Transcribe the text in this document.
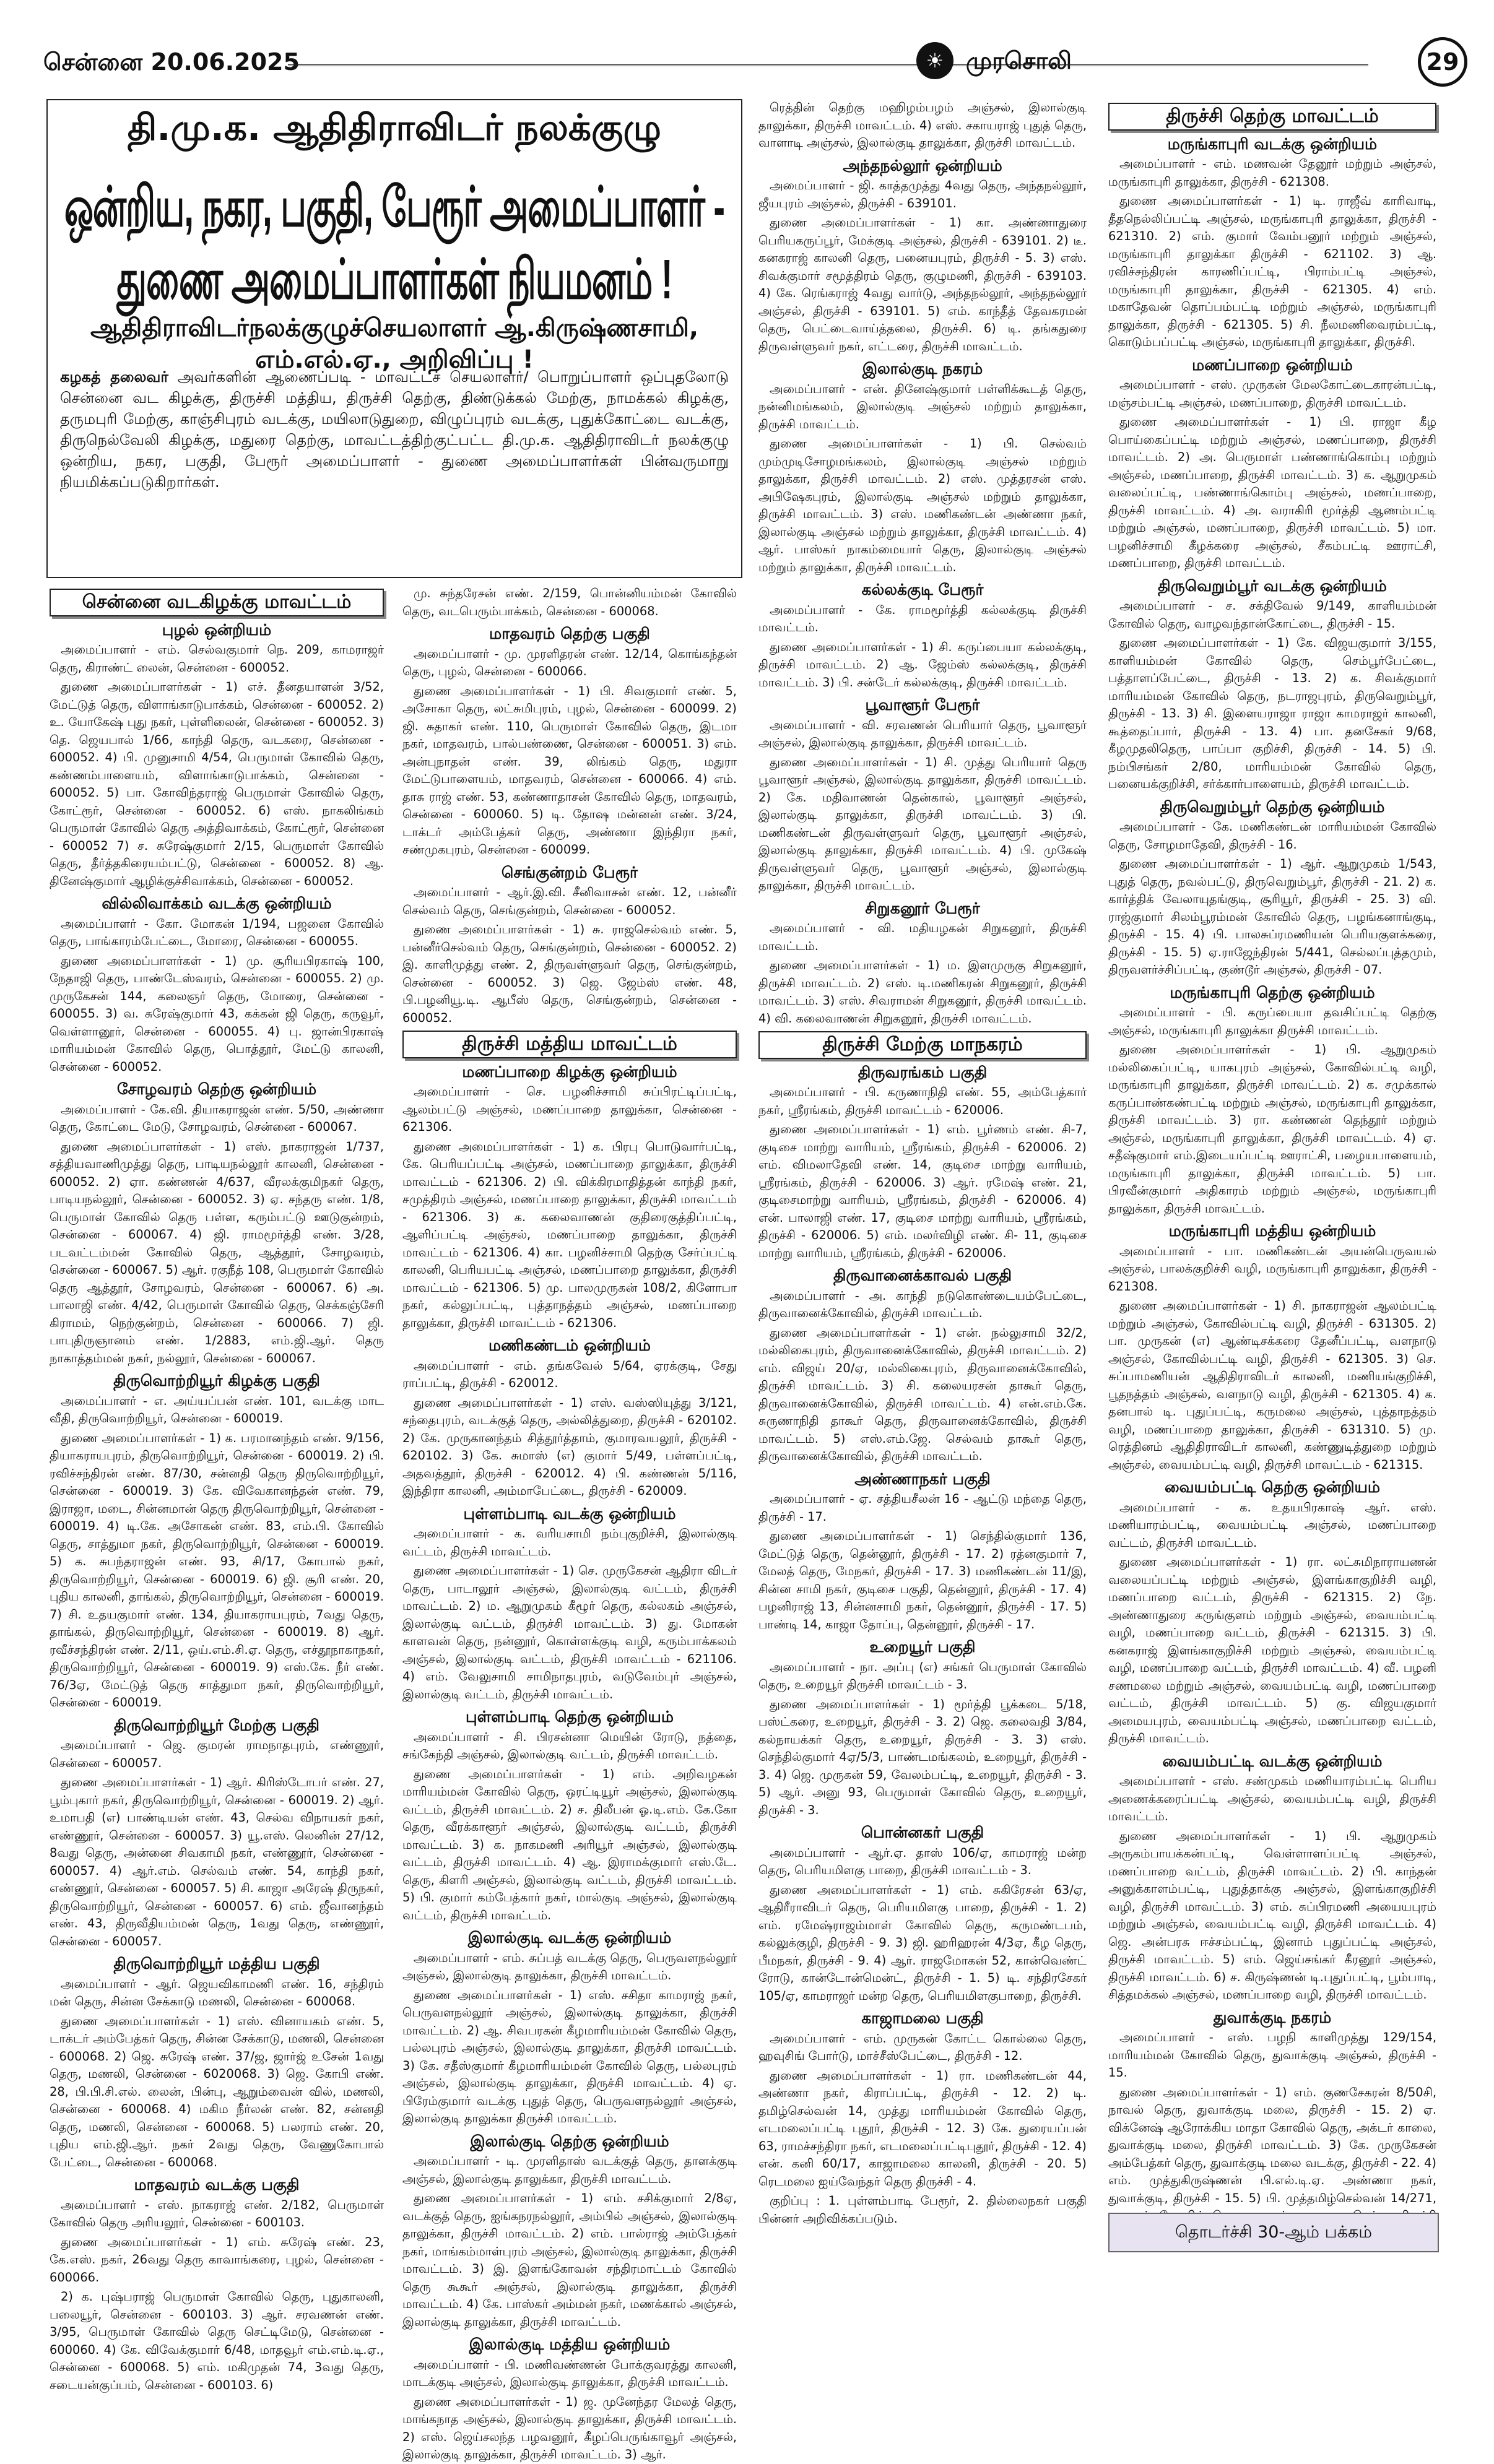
சென்னை 20.06.2025	☀ முரசொலி	29
தி.மு.க. ஆதிதிராவிடர் நலக்குழு
ஒன்றிய, நகர, பகுதி, பேரூர் அமைப்பாளர் - துணை அமைப்பாளர்கள் நியமனம் !
ஆதிதிராவிடர்நலக்குழுச்செயலாளர் ஆ.கிருஷ்ணசாமி, எம்.எல்.ஏ., அறிவிப்பு !
கழகத் தலைவர் அவர்களின் ஆணைப்படி - மாவட்டச் செயலாளர்/ பொறுப்பாளர் ஒப்புதலோடு சென்னை வட கிழக்கு, திருச்சி மத்திய, திருச்சி தெற்கு, திண்டுக்கல் மேற்கு, நாமக்கல் கிழக்கு, தருமபுரி மேற்கு, காஞ்சிபுரம் வடக்கு, மயிலாடுதுறை, விழுப்புரம் வடக்கு, புதுக்கோட்டை வடக்கு, திருநெல்வேலி கிழக்கு, மதுரை தெற்கு, மாவட்டத்திற்குட்பட்ட தி.மு.க. ஆதிதிராவிடர் நலக்குழு ஒன்றிய, நகர, பகுதி, பேரூர் அமைப்பாளர் - துணை அமைப்பாளர்கள் பின்வருமாறு நியமிக்கப்படுகிறார்கள்.
சென்னை வடகிழக்கு மாவட்டம்
புழல் ஒன்றியம்

அமைப்பாளர் - எம். செல்வகுமார் நெ. 209, காமராஜர் தெரு, கிராண்ட் லைன், சென்னை - 600052.

துணை அமைப்பாளர்கள் - 1) எச். தீனதயாளன் 3/52, மேட்டுத் தெரு, விளாங்காடுபாக்கம், சென்னை - 600052. 2) உ. யோகேஷ் புது நகர், புள்ளிலைன், சென்னை - 600052. 3) தெ. ஜெயபால் 1/66, காந்தி தெரு, வடகரை, சென்னை - 600052. 4) பி. முனுசாமி 4/54, பெருமாள் கோவில் தெரு, கண்ணம்பாளையம், விளாங்காடுபாக்கம், சென்னை - 600052. 5) பா. கோவிந்தராஜ் பெருமாள் கோவில் தெரு, கோட்ரூர், சென்னை - 600052. 6) எஸ். நாகலிங்கம் பெருமாள் கோவில் தெரு அத்திவாக்கம், கோட்ரூர், சென்னை - 600052 7) ச. சுரேஷ்குமார் 2/15, பெருமாள் கோவில் தெரு, தீர்த்தகிரையம்பட்டு, சென்னை - 600052. 8) ஆ. தினேஷ்குமார் ஆழிக்குச்சிவாக்கம், சென்னை - 600052.

வில்லிவாக்கம் வடக்கு ஒன்றியம்

அமைப்பாளர் - கோ. மோகன் 1/194, பஜனை கோவில் தெரு, பாங்காரம்பேட்டை, மோரை, சென்னை - 600055.

துணை அமைப்பாளர்கள் - 1) மு. சூரியபிரகாஷ் 100, நேதாஜி தெரு, பாண்டேஸ்வரம், சென்னை - 600055. 2) மு. முருகேசன் 144, கலைஞர் தெரு, மோரை, சென்னை - 600055. 3) வ. சுரேஷ்குமார் 43, கக்கன் ஜி தெரு, கருவூர், வெள்ளானூர், சென்னை - 600055. 4) பு. ஜான்பிரகாஷ் மாரியம்மன் கோவில் தெரு, பொத்தூர், மேட்டு காலனி, சென்னை - 600052.

சோழவரம் தெற்கு ஒன்றியம்

அமைப்பாளர் - கே.வி. தியாகராஜன் எண். 5/50, அண்ணா தெரு, கோட்டை மேடு, சோழவரம், சென்னை - 600067.

துணை அமைப்பாளர்கள் - 1) எஸ். நாகராஜன் 1/737, சத்தியவாணிமுத்து தெரு, பாடியநல்லூர் காலனி, சென்னை - 600052. 2) ஏா. கண்ணன் 4/637, வீரலக்குமிநகர் தெரு, பாடியநல்லூர், சென்னை - 600052. 3) ஏ. சந்தரு எண். 1/8, பெருமாள் கோவில் தெரு பள்ள, கரும்பட்டு ஊடுகுன்றம், சென்னை - 600067. 4) ஜி. ராமமூர்த்தி எண். 3/28, படவட்டம்மன் கோவில் தெரு, ஆத்தூர், சோழவரம், சென்னை - 600067. 5) ஆர். ரகுநீத் 108, பெருமாள் கோவில் தெரு ஆத்தூர், சோழவரம், சென்னை - 600067. 6) அ. பாலாஜி எண். 4/42, பெருமாள் கோவில் தெரு, செக்கஞ்சேரி கிராமம், நெற்குன்றம், சென்னை - 600066. 7) ஜி. பாபுதிருஞானம் எண். 1/2883, எம்.ஜி.ஆர். தெரு நாகாத்தம்மன் நகர், நல்லூர், சென்னை - 600067.

திருவொற்றியூர் கிழக்கு பகுதி

அமைப்பாளர் - எ. அய்யப்பன் எண். 101, வடக்கு மாட வீதி, திருவொற்றியூர், சென்னை - 600019.

துணை அமைப்பாளர்கள் - 1) க. பரமானந்தம் எண். 9/156, தியாகராயபுரம், திருவொற்றியூர், சென்னை - 600019. 2) பி. ரவிச்சந்திரன் எண். 87/30, சன்னதி தெரு திருவொற்றியூர், சென்னை - 600019. 3) கே. விவேகானந்தன் எண். 79, இராஜா, மடை, சின்னமான் தெரு திருவொற்றியூர், சென்னை - 600019. 4) டி.கே. அசோகன் எண். 83, எம்.பி. கோவில் தெரு, சாத்துமா நகர், திருவொற்றியூர், சென்னை - 600019. 5) க. சுபந்தராஜன் எண். 93, சி/17, கோபால் நகர், திருவொற்றியூர், சென்னை - 600019. 6) ஜி. சூரி எண். 20, புதிய காலனி, தாங்கல், திருவொற்றியூர், சென்னை - 600019. 7) சி. உதயகுமார் எண். 134, தியாகராயபுரம், 7வது தெரு, தாங்கல், திருவொற்றியூர், சென்னை - 600019. 8) ஆர். ரவீச்சந்திரன் எண். 2/11, ஒய்.எம்.சி.ஏ. தெரு, எச்தூநாகாநகர், திருவொற்றியூர், சென்னை - 600019. 9) எஸ்.கே. நீர் எண். 76/3ஏ, மேட்டுத் தெரு சாத்துமா நகர், திருவொற்றியூர், சென்னை - 600019.

திருவொற்றியூர் மேற்கு பகுதி

அமைப்பாளர் - ஜெ. குமரன் ராமநாதபுரம், எண்ணூர், சென்னை - 600057.

துணை அமைப்பாளர்கள் - 1) ஆர். கிரிஸ்டோபர் எண். 27, பூம்புகார் நகர், திருவொற்றியூர், சென்னை - 600019. 2) ஆர். உமாபதி (எ) பாண்டியன் எண். 43, செல்வ விநாயகர் நகர், எண்ணூர், சென்னை - 600057. 3) யூ.எஸ். லெனின் 27/12, 8வது தெரு, அன்னை சிவகாமி நகர், எண்ணூர், சென்னை - 600057. 4) ஆர்.எம். செல்வம் எண். 54, காந்தி நகர், எண்ணூர், சென்னை - 600057. 5) சி. காஜா அரேஷ் திருநகர், திருவொற்றியூர், சென்னை - 600057. 6) எம். ஜீவானந்தம் எண். 43, திருவீதியம்மன் தெரு, 1வது தெரு, எண்ணூர், சென்னை - 600057.

திருவொற்றியூர் மத்திய பகுதி

அமைப்பாளர் - ஆர். ஜெயவிகாமணி எண். 16, சந்திரம் மன் தெரு, சின்ன சேக்காடு மணலி, சென்னை - 600068.

துணை அமைப்பாளர்கள் - 1) எஸ். வினாயகம் எண். 5, டாக்டர் அம்பேத்கர் தெரு, சின்ன சேக்காடு, மணலி, சென்னை - 600068. 2) ஜெ. சுரேஷ் எண். 37/ஜ, ஜார்ஜ் உசேன் 1வது தெரு, மணலி, சென்னை - 6020068. 3) ஜெ. கோபி எண். 28, பி.பி.சி.எல். லைன், பின்பு, ஆறும்வைன் வில், மணலி, சென்னை - 600068. 4) மகிம நீர்லன் எண். 82, சன்னதி தெரு, மணலி, சென்னை - 600068. 5) பலராம் எண். 20, புதிய எம்.ஜி.ஆர். நகர் 2வது தெரு, வேணுகோபால் பேட்டை, சென்னை - 600068.

மாதவரம் வடக்கு பகுதி

அமைப்பாளர் - எஸ். நாகராஜ் எண். 2/182, பெருமாள் கோவில் தெரு அரியலூர், சென்னை - 600103.

துணை அமைப்பாளர்கள் - 1) எம். சுரேஷ் எண். 23, கே.எஸ். நகர், 26வது தெரு காவாங்கரை, புழல், சென்னை - 600066.

2) க. புஷ்பராஜ் பெருமாள் கோவில் தெரு, புதுகாலனி, பலையூர், சென்னை - 600103. 3) ஆர். சரவணன் எண். 3/95, பெருமாள் கோவில் தெரு செட்டிமேடு, சென்னை - 600060. 4) கே. விவேக்குமார் 6/48, மாதவூர் எம்.எம்.டி.ஏ., சென்னை - 600068. 5) எம். மகிமுதன் 74, 3வது தெரு, சடையன்குப்பம், சென்னை - 600103. 6)

மு. சுந்தரேசன் எண். 2/159, பொன்னியம்மன் கோவில் தெரு, வடபெரும்பாக்கம், சென்னை - 600068.

மாதவரம் தெற்கு பகுதி

அமைப்பாளர் - மு. முரளிதரன் எண். 12/14, கொங்கந்தன் தெரு, புழல், சென்னை - 600066.

துணை அமைப்பாளர்கள் - 1) பி. சிவகுமார் எண். 5, அசோகா தெரு, லட்சுமிபுரம், புழல், சென்னை - 600099. 2) ஜி. சுதாகர் எண். 110, பெருமாள் கோவில் தெரு, இடமா நகர், மாதவரம், பால்பண்ணை, சென்னை - 600051. 3) எம். அன்புநாதன் எண். 39, லிங்கம் தெரு, மதுரா மேட்டுபாளையம், மாதவரம், சென்னை - 600066. 4) எம். தாசு ராஜ் எண். 53, கண்ணாதாசன் கோவில் தெரு, மாதவரம், சென்னை - 600060. 5) டி. தோஷ மன்னன் எண். 3/24, டாக்டர் அம்பேத்கர் தெரு, அண்ணா இந்திரா நகர், சண்முகபுரம், சென்னை - 600099.

செங்குன்றம் பேரூர்

அமைப்பாளர் - ஆர்.இ.வி. சீனிவாசன் எண். 12, பன்னீர் செல்வம் தெரு, செங்குன்றம், சென்னை - 600052.

துணை அமைப்பாளர்கள் - 1) சு. ராஜசெல்வம் எண். 5, பன்னீர்செல்வம் தெரு, செங்குன்றம், சென்னை - 600052. 2) இ. காளிமுத்து எண். 2, திருவள்ளுவர் தெரு, செங்குன்றம், சென்னை - 600052. 3) ஜெ. ஜேம்ஸ் எண். 48, பி.பழனியூ.டி. ஆபீஸ் தெரு, செங்குன்றம், சென்னை - 600052.

திருச்சி மத்திய மாவட்டம்
மணப்பாறை கிழக்கு ஒன்றியம்

அமைப்பாளர் - செ. பழனிச்சாமி சுப்பிரட்டிப்பட்டி, ஆலம்பட்டு அஞ்சல், மணப்பாறை தாலுக்கா, சென்னை - 621306.

துணை அமைப்பாளர்கள் - 1) க. பிரபு பொடுவார்பட்டி, கே. பெரியப்பட்டி அஞ்சல், மணப்பாறை தாலுக்கா, திருச்சி மாவட்டம் - 621306. 2) பி. விக்கிரமாதித்தன் காந்தி நகர், சமுத்திரம் அஞ்சல், மணப்பாறை தாலுக்கா, திருச்சி மாவட்டம் - 621306. 3) க. கலைவாணன் குதிரைகுத்திப்பட்டி, ஆளிப்பட்டி அஞ்சல், மணப்பாறை தாலுக்கா, திருச்சி மாவட்டம் - 621306. 4) கா. பழனிச்சாமி தெற்கு சேர்ப்பட்டி காலனி, பெரியபட்டி அஞ்சல், மணப்பாறை தாலுக்கா, திருச்சி மாவட்டம் - 621306. 5) மு. பாலமுருகன் 108/2, கிளோபா நகர், கல்லுப்பட்டி, புத்தாநத்தம் அஞ்சல், மணப்பாறை தாலுக்கா, திருச்சி மாவட்டம் - 621306.

மணிகண்டம் ஒன்றியம்

அமைப்பாளர் - எம். தங்கவேல் 5/64, ஏரக்குடி, சேது ராப்பட்டி, திருச்சி - 620012.

துணை அமைப்பாளர்கள் - 1) எஸ். வஸ்ஸியுத்து 3/121, சந்தைபுரம், வடக்குத் தெரு, அல்லித்துறை, திருச்சி - 620102. 2) கே. முருகானந்தம் சித்தூர்த்தாம், குமாரவயலூர், திருச்சி - 620102. 3) கே. சுமாஸ் (எ) குமார் 5/49, பள்ளப்பட்டி, அதவத்தூர், திருச்சி - 620012. 4) பி. கண்ணன் 5/116, இந்திரா காலனி, அம்மாபேட்டை, திருச்சி - 620009.

புள்ளம்பாடி வடக்கு ஒன்றியம்

அமைப்பாளர் - க. வரியசாமி நம்புகுறிச்சி, இலால்குடி வட்டம், திருச்சி மாவட்டம்.

துணை அமைப்பாளர்கள் - 1) செ. முருகேசன் ஆதிரா விடர் தெரு, பாடாலூர் அஞ்சல், இலால்குடி வட்டம், திருச்சி மாவட்டம். 2) ம. ஆறுமுகம் கீழூர் தெரு, கல்லகம் அஞ்சல், இலால்குடி வட்டம், திருச்சி மாவட்டம். 3) து. மோகன் காளவன் தெரு, நன்னூர், கொள்ளக்குடி வழி, கரும்பாக்கலம் அஞ்சல், இலால்குடி வட்டம், திருச்சி மாவட்டம் - 621106. 4) எம். வேலுசாமி சாமிநாதபுரம், வடுவேம்புர் அஞ்சல், இலால்குடி வட்டம், திருச்சி மாவட்டம்.

புள்ளம்பாடி தெற்கு ஒன்றியம்

அமைப்பாளர் - சி. பிரசன்னா மெயின் ரோடு, நத்தை, சங்கேந்தி அஞ்சல், இலால்குடி வட்டம், திருச்சி மாவட்டம்.

துணை அமைப்பாளர்கள் - 1) எம். அறிவழகன் மாரியம்மன் கோவில் தெரு, ஒரட்டியூர் அஞ்சல், இலால்குடி வட்டம், திருச்சி மாவட்டம். 2) ச. திலீபன் ஓ.டி.எம். கே.கோ தெரு, வீரக்காளூர் அஞ்சல், இலால்குடி வட்டம், திருச்சி மாவட்டம். 3) க. நாகமணி அரியூர் அஞ்சல், இலால்குடி வட்டம், திருச்சி மாவட்டம். 4) ஆ. இராமக்குமார் எஸ்.டே. தெரு, கிளரி அஞ்சல், இலால்குடி வட்டம், திருச்சி மாவட்டம். 5) பி. குமார் கம்பேத்கார் நகர், மால்குடி அஞ்சல், இலால்குடி வட்டம், திருச்சி மாவட்டம்.

இலால்குடி வடக்கு ஒன்றியம்

அமைப்பாளர் - எம். சுப்பத் வடக்கு தெரு, பெருவளநல்லூர் அஞ்சல், இலால்குடி தாலுக்கா, திருச்சி மாவட்டம்.

துணை அமைப்பாளர்கள் - 1) எஸ். சசிதா காமராஜ் நகர், பெருவளநல்லூர் அஞ்சல், இலால்குடி தாலுக்கா, திருச்சி மாவட்டம். 2) ஆ. சிவபரகன் கீழமாரியம்மன் கோவில் தெரு, பல்லபுரம் அஞ்சல், இலால்குடி தாலுக்கா, திருச்சி மாவட்டம். 3) கே. சதீஸ்குமார் கீழமாரியம்மன் கோவில் தெரு, பல்லபுரம் அஞ்சல், இலால்குடி தாலுக்கா, திருச்சி மாவட்டம். 4) ஏ. பிரேம்குமார் வடக்கு புதுத் தெரு, பெருவளநல்லூர் அஞ்சல், இலால்குடி தாலுக்கா திருச்சி மாவட்டம்.

இலால்குடி தெற்கு ஒன்றியம்

அமைப்பாளர் - டி. முரளிதாஸ் வடக்குத் தெரு, தாளக்குடி அஞ்சல், இலால்குடி தாலுக்கா, திருச்சி மாவட்டம்.

துணை அமைப்பாளர்கள் - 1) எம். சசிக்குமார் 2/8ஏ, வடக்குத் தெரு, ஐங்கநரநல்லூர், அம்பில் அஞ்சல், இலால்குடி தாலுக்கா, திருச்சி மாவட்டம். 2) எம். பால்ராஜ் அம்பேத்கர் நகர், மாங்கம்மாள்புரம் அஞ்சல், இலால்குடி தாலுக்கா, திருச்சி மாவட்டம். 3) இ. இளங்கோவன் சந்திரமாட்டம் கோவில் தெரு கூகூர் அஞ்சல், இலால்குடி தாலுக்கா, திருச்சி மாவட்டம். 4) கே. பாஸ்கர் அம்மன் நகர், மணக்கால் அஞ்சல், இலால்குடி தாலுக்கா, திருச்சி மாவட்டம்.

இலால்குடி மத்திய ஒன்றியம்

அமைப்பாளர் - பி. மணிவண்ணன் போக்குவரத்து காலனி, மாடக்குடி அஞ்சல், இலால்குடி தாலுக்கா, திருச்சி மாவட்டம்.

துணை அமைப்பாளர்கள் - 1) ஜ. முனேந்தர மேலத் தெரு, மாங்கநாத அஞ்சல், இலால்குடி தாலுக்கா, திருச்சி மாவட்டம். 2) எஸ். ஜெய்சலந்த பழவனூர், கீழப்பெருங்காவூர் அஞ்சல், இலால்குடி தாலுக்கா, திருச்சி மாவட்டம். 3) ஆர்.

ரெத்தின் தெற்கு மஹிழம்பழம் அஞ்சல், இலால்குடி தாலுக்கா, திருச்சி மாவட்டம். 4) எஸ். சகாயராஜ் புதுத் தெரு, வாளாடி அஞ்சல், இலால்குடி தாலுக்கா, திருச்சி மாவட்டம்.

அந்தநல்லூர் ஒன்றியம்

அமைப்பாளர் - ஜி. காத்தமுத்து 4வது தெரு, அந்தநல்லூர், ஜீயபுரம் அஞ்சல், திருச்சி - 639101.

துணை அமைப்பாளர்கள் - 1) கா. அண்ணாதுரை பெரியகருப்பூர், மேக்குடி அஞ்சல், திருச்சி - 639101. 2) டீ. கனகராஜ் காலனி தெரு, பனையபுரம், திருச்சி - 5. 3) எஸ். சிவக்குமார் சமூத்திரம் தெரு, குழுமணி, திருச்சி - 639103. 4) கே. ரெங்கராஜ் 4வது வார்டு, அந்தநல்லூர், அந்தநல்லூர் அஞ்சல், திருச்சி - 639101. 5) எம். காந்தீத் தேவகரமன் தெரு, பெட்டைவாய்த்தலை, திருச்சி. 6) டி. தங்கதுரை திருவள்ளுவர் நகர், எட்டரை, திருச்சி மாவட்டம்.

இலால்குடி நகரம்

அமைப்பாளர் - என். தினேஷ்குமார் பள்ளிக்கூடத் தெரு, நன்னிமங்கலம், இலால்குடி அஞ்சல் மற்றும் தாலுக்கா, திருச்சி மாவட்டம்.

துணை அமைப்பாளர்கள் - 1) பி. செல்வம் மும்முடிசோழமங்கலம், இலால்குடி அஞ்சல் மற்றும் தாலுக்கா, திருச்சி மாவட்டம். 2) எஸ். முத்தரசன் எஸ். அபிஷேகபுரம், இலால்குடி அஞ்சல் மற்றும் தாலுக்கா, திருச்சி மாவட்டம். 3) எஸ். மணிகண்டன் அண்ணா நகர், இலால்குடி அஞ்சல் மற்றும் தாலுக்கா, திருச்சி மாவட்டம். 4) ஆர். பாஸ்கர் நாகம்மையார் தெரு, இலால்குடி அஞ்சல் மற்றும் தாலுக்கா, திருச்சி மாவட்டம்.

கல்லக்குடி பேரூர்

அமைப்பாளர் - கே. ராமமூர்த்தி கல்லக்குடி திருச்சி மாவட்டம்.

துணை அமைப்பாளர்கள் - 1) சி. கருப்பையா கல்லக்குடி, திருச்சி மாவட்டம். 2) ஆ. ஜேம்ஸ் கல்லக்குடி, திருச்சி மாவட்டம். 3) பி. சன்டேர் கல்லக்குடி, திருச்சி மாவட்டம்.

பூவாளூர் பேரூர்

அமைப்பாளர் - வி. சரவணன் பெரியார் தெரு, பூவாளூர் அஞ்சல், இலால்குடி தாலுக்கா, திருச்சி மாவட்டம்.

துணை அமைப்பாளர்கள் - 1) சி. முத்து பெரியார் தெரு பூவாளூர் அஞ்சல், இலால்குடி தாலுக்கா, திருச்சி மாவட்டம். 2) கே. மதிவாணன் தென்கால், பூவாளூர் அஞ்சல், இலால்குடி தாலுக்கா, திருச்சி மாவட்டம். 3) பி. மணிகண்டன் திருவள்ளுவர் தெரு, பூவாளூர் அஞ்சல், இலால்குடி தாலுக்கா, திருச்சி மாவட்டம். 4) பி. முகேஷ் திருவள்ளுவர் தெரு, பூவாளூர் அஞ்சல், இலால்குடி தாலுக்கா, திருச்சி மாவட்டம்.

சிறுகனூர் பேரூர்

அமைப்பாளர் - வி. மதியழகன் சிறுகனூர், திருச்சி மாவட்டம்.

துணை அமைப்பாளர்கள் - 1) ம. இளமுருகு சிறுகனூர், திருச்சி மாவட்டம். 2) எஸ். டி.மணிகரன் சிறுகனூர், திருச்சி மாவட்டம். 3) எஸ். சிவராமன் சிறுகனூர், திருச்சி மாவட்டம். 4) வி. கலைவாணன் சிறுகனூர், திருச்சி மாவட்டம்.

திருச்சி மேற்கு மாநகரம்
திருவரங்கம் பகுதி

அமைப்பாளர் - பி. கருணாநிதி எண். 55, அம்பேத்கார் நகர், ஸ்ரீரங்கம், திருச்சி மாவட்டம் - 620006.

துணை அமைப்பாளர்கள் - 1) எம். பூர்ணம் எண். சி-7, குடிசை மாற்று வாரியம், ஸ்ரீரங்கம், திருச்சி - 620006. 2) எம். விமலாதேவி எண். 14, குடிசை மாற்று வாரியம், ஸ்ரீரங்கம், திருச்சி - 620006. 3) ஆர். ரமேஷ் எண். 21, குடிசைமாற்று வாரியம், ஸ்ரீரங்கம், திருச்சி - 620006. 4) என். பாலாஜி எண். 17, குடிசை மாற்று வாரியம், ஸ்ரீரங்கம், திருச்சி - 620006. 5) எம். மலர்விழி எண். சி- 11, குடிசை மாற்று வாரியம், ஸ்ரீரங்கம், திருச்சி - 620006.

திருவானைக்காவல் பகுதி

அமைப்பாளர் - அ. காந்தி நடுகொண்டையம்பேட்டை, திருவானைக்கோவில், திருச்சி மாவட்டம்.

துணை அமைப்பாளர்கள் - 1) என். நல்லுசாமி 32/2, மல்லிகைபுரம், திருவானைக்கோவில், திருச்சி மாவட்டம். 2) எம். விஜய் 20/ஏ, மல்லிகைபுரம், திருவானைக்கோவில், திருச்சி மாவட்டம். 3) சி. கலையரசன் தாகூர் தெரு, திருவானைக்கோவில், திருச்சி மாவட்டம். 4) என்.எம்.கே. சுருணாநிதி தாகூர் தெரு, திருவானைக்கோவில், திருச்சி மாவட்டம். 5) எஸ்.எம்.ஜே. செல்வம் தாகூர் தெரு, திருவானைக்கோவில், திருச்சி மாவட்டம்.

அண்ணாநகர் பகுதி

அமைப்பாளர் - ஏ. சத்தியசீலன் 16 - ஆட்டு மந்தை தெரு, திருச்சி - 17.

துணை அமைப்பாளர்கள் - 1) செந்தில்குமார் 136, மேட்டுத் தெரு, தென்னூர், திருச்சி - 17. 2) ரத்னகுமார் 7, மேலத் தெரு, மேநகர், திருச்சி - 17. 3) மணிகண்டன் 11/இ, சின்ன சாமி நகர், குடிசை பகுதி, தென்னூர், திருச்சி - 17. 4) பழனிராஜ் 13, சின்னசாமி நகர், தென்னூர், திருச்சி - 17. 5) பாண்டி 14, காஜா தோப்பு, தென்னூர், திருச்சி - 17.

உறையூர் பகுதி

அமைப்பாளர் - நா. அப்பு (எ) சங்கர் பெருமாள் கோவில் தெரு, உறையூர் திருச்சி மாவட்டம் - 3.

துணை அமைப்பாளர்கள் - 1) மூர்த்தி பூக்கடை 5/18, பஸ்ட்கரை, உறையூர், திருச்சி - 3. 2) ஜெ. கலைவதி 3/84, கல்நாயக்கர் தெரு, உறையூர், திருச்சி - 3. 3) எஸ். செந்தில்குமார் 4ஏ/5/3, பாண்டமங்கலம், உறையூர், திருச்சி - 3. 4) ஜெ. முருகன் 59, வேலம்பட்டி, உறையூர், திருச்சி - 3. 5) ஆர். அனு 93, பெருமாள் கோவில் தெரு, உறையூர், திருச்சி - 3.

பொன்னகர் பகுதி

அமைப்பாளர் - ஆர்.ஏ. தாஸ் 106/ஏ, காமராஜ் மன்ற தெரு, பெரியமிளகு பாறை, திருச்சி மாவட்டம் - 3.

துணை அமைப்பாளர்கள் - 1) எம். சுகிரேசன் 63/ஏ, ஆதிரீராவிடர் தெரு, பெரியமிளகு பாறை, திருச்சி - 1. 2) எம். ரமேஷ்ராஜம்மாள் கோவில் தெரு, கருமண்டபம், கல்லுக்குழி, திருச்சி - 9. 3) ஜி. ஹரிஹரன் 4/3ஏ, கீழ தெரு, பீமநகர், திருச்சி - 9. 4) ஆர். ராஜமோகன் 52, கான்வெண்ட் ரோடு, கான்டோன்மென்ட், திருச்சி - 1. 5) டி. சந்திரசேகர் 105/ஏ, காமராஜர் மன்ற தெரு, பெரியமிளகுபாறை, திருச்சி.

காஜாமலை பகுதி

அமைப்பாளர் - எம். முருகன் கோட்ட கொல்லை தெரு, ஹவுசிங் போர்டு, மாச்சீஸ்பேட்டை, திருச்சி - 12.

துணை அமைப்பாளர்கள் - 1) ரா. மணிகண்டன் 44, அண்ணா நகர், கிராப்பட்டி, திருச்சி - 12. 2) டி. தமிழ்செல்வன் 14, முத்து மாரியம்மன் கோவில் தெரு, எடமலைப்பட்டி புதூர், திருச்சி - 12. 3) கே. துரையப்பன் 63, ராமச்சந்திரா நகர், எடமலைப்பட்டிபுதூர், திருச்சி - 12. 4) என். கனி 60/17, காஜாமலை காலனி, திருச்சி - 20. 5) ரெடமலை ஐய்வேந்தர் தெரு திருச்சி - 4.

குறிப்பு : 1. புள்ளம்பாடி பேரூர், 2. தில்லைநகர் பகுதி பின்னர் அறிவிக்கப்படும்.

திருச்சி தெற்கு மாவட்டம்
மருங்காபுரி வடக்கு ஒன்றியம்

அமைப்பாளர் - எம். மணவன் தேனூர் மற்றும் அஞ்சல், மருங்காபுரி தாலுக்கா, திருச்சி - 621308.

துணை அமைப்பாளர்கள் - 1) டி. ராஜீவ் காரிவாடி, தீதநெல்லிப்பட்டி அஞ்சல், மருங்காபுரி தாலுக்கா, திருச்சி - 621310. 2) எம். குமார் வேம்பனூர் மற்றும் அஞ்சல், மருங்காபுரி தாலுக்கா திருச்சி - 621102. 3) ஆ. ரவிச்சந்திரன் காரணிப்பட்டி, பிராம்பட்டி அஞ்சல், மருங்காபுரி தாலுக்கா, திருச்சி - 621305. 4) எம். மகாதேவன் தொப்பம்பட்டி மற்றும் அஞ்சல், மருங்காபுரி தாலுக்கா, திருச்சி - 621305. 5) சி. நீலமணிவைரம்பட்டி, கொடும்பப்பட்டி அஞ்சல், மருங்காபுரி தாலுக்கா, திருச்சி.

மணப்பாறை ஒன்றியம்

அமைப்பாளர் - எஸ். முருகன் மேலகோட்டைகாரன்பட்டி, மஞ்சம்பட்டி அஞ்சல், மணப்பாறை, திருச்சி மாவட்டம்.

துணை அமைப்பாளர்கள் - 1) பி. ராஜா கீழ பொய்கைப்பட்டி மற்றும் அஞ்சல், மணப்பாறை, திருச்சி மாவட்டம். 2) அ. பெருமாள் பண்ணாங்கொம்பு மற்றும் அஞ்சல், மணப்பாறை, திருச்சி மாவட்டம். 3) க. ஆறுமுகம் வலைப்பட்டி, பண்ணாங்கொம்பு அஞ்சல், மணப்பாறை, திருச்சி மாவட்டம். 4) அ. வராகிரி மூர்த்தி ஆணம்பட்டி மற்றும் அஞ்சல், மணப்பாறை, திருச்சி மாவட்டம். 5) மா. பழனிச்சாமி கீழக்கரை அஞ்சல், சீகம்பட்டி ஊராட்சி, மணப்பாறை, திருச்சி மாவட்டம்.

திருவெறும்பூர் வடக்கு ஒன்றியம்

அமைப்பாளர் - ச. சக்திவேல் 9/149, காளியம்மன் கோவில் தெரு, வாழவந்தான்கோட்டை, திருச்சி - 15.

துணை அமைப்பாளர்கள் - 1) கே. விஜயகுமார் 3/155, காளியம்மன் கோவில் தெரு, செம்பூர்பேட்டை, பத்தாளப்பேட்டை, திருச்சி - 13. 2) க. சிவக்குமார் மாரியம்மன் கோவில் தெரு, நடராஜபுரம், திருவெறும்பூர், திருச்சி - 13. 3) சி. இளையராஜா ராஜா காமராஜர் காலனி, கூத்தைப்பார், திருச்சி - 13. 4) பா. தனசேகர் 9/68, கீழமுதலிதெரு, பாப்பா குறிச்சி, திருச்சி - 14. 5) பி. நம்பிசங்கர் 2/80, மாரியம்மன் கோவில் தெரு, பனையக்குறிச்சி, சர்க்கார்பாளையம், திருச்சி மாவட்டம்.

திருவெறும்பூர் தெற்கு ஒன்றியம்

அமைப்பாளர் - கே. மணிகண்டன் மாரியம்மன் கோவில் தெரு, சோழமாதேவி, திருச்சி - 16.

துணை அமைப்பாளர்கள் - 1) ஆர். ஆறுமுகம் 1/543, புதுத் தெரு, நவல்பட்டு, திருவெறும்பூர், திருச்சி - 21. 2) க. கார்த்திக் வேலாயுதங்குடி, சூரியூர், திருச்சி - 25. 3) வி. ராஜ்குமார் சிலம்பூரம்மன் கோவில் தெரு, பழங்கனாங்குடி, திருச்சி - 15. 4) பி. பாலசுப்ரமணியன் பெரியகுளக்கரை, திருச்சி - 15. 5) ஏ.ராஜேந்திரன் 5/441, செல்லப்புத்தமும், திருவளர்ச்சிப்பட்டி, குண்டூர் அஞ்சல், திருச்சி - 07.

மருங்காபுரி தெற்கு ஒன்றியம்

அமைப்பாளர் - பி. கருப்பையா தவசிப்பட்டி தெற்கு அஞ்சல், மருங்காபுரி தாலுக்கா திருச்சி மாவட்டம்.

துணை அமைப்பாளர்கள் - 1) பி. ஆறுமுகம் மல்லிகைப்பட்டி, யாகபுரம் அஞ்சல், கோவில்பட்டி வழி, மருங்காபுரி தாலுக்கா, திருச்சி மாவட்டம். 2) க. சமுக்கால் கருப்பாண்கண்பட்டி மற்றும் அஞ்சல், மருங்காபுரி தாலுக்கா, திருச்சி மாவட்டம். 3) ரா. கண்ணன் தெந்தூர் மற்றும் அஞ்சல், மருங்காபுரி தாலுக்கா, திருச்சி மாவட்டம். 4) ஏ. சதீஷ்குமார் எம்.இடையப்பட்டி ஊராட்சி, பழையபாளையம், மருங்காபுரி தாலுக்கா, திருச்சி மாவட்டம். 5) பா. பிரவீன்குமார் அதிகாரம் மற்றும் அஞ்சல், மருங்காபுரி தாலுக்கா, திருச்சி மாவட்டம்.

மருங்காபுரி மத்திய ஒன்றியம்

அமைப்பாளர் - பா. மணிகண்டன் அயன்பெருவயல் அஞ்சல், பாலக்குறிச்சி வழி, மருங்காபுரி தாலுக்கா, திருச்சி - 621308.

துணை அமைப்பாளர்கள் - 1) சி. நாகராஜன் ஆலம்பட்டி மற்றும் அஞ்சல், கோவில்பட்டி வழி, திருச்சி - 631305. 2) பா. முருகன் (எ) ஆண்டிசக்கரை தேனீப்பட்டி, வளநாடு அஞ்சல், கோவில்பட்டி வழி, திருச்சி - 621305. 3) செ. சுப்பாமணியன் ஆதிதிராவிடர் காலனி, மணியங்குறிச்சி, பூதநத்தம் அஞ்சல், வளநாடு வழி, திருச்சி - 621305. 4) க. தனபால் டி. புதுப்பட்டி, கருமலை அஞ்சல், புத்தாநத்தம் வழி, மணப்பாறை தாலுக்கா, திருச்சி - 631310. 5) மு. ரெத்தினம் ஆதிதிராவிடர் காலனி, கண்ணுடித்துறை மற்றும் அஞ்சல், வையம்பட்டி வழி, திருச்சி மாவட்டம் - 621315.

வையம்பட்டி தெற்கு ஒன்றியம்

அமைப்பாளர் - க. உதயபிரகாஷ் ஆர். எஸ். மணியாரம்பட்டி, வையம்பட்டி அஞ்சல், மணப்பாறை வட்டம், திருச்சி மாவட்டம்.

துணை அமைப்பாளர்கள் - 1) ரா. லட்சுமிநாராயணன் வலையப்பட்டி மற்றும் அஞ்சல், இளங்காகுறிச்சி வழி, மணப்பாறை வட்டம், திருச்சி - 621315. 2) நே. அண்ணாதுரை கருங்குளம் மற்றும் அஞ்சல், வையம்பட்டி வழி, மணப்பாறை வட்டம், திருச்சி - 621315. 3) பி. கனகராஜ் இளங்காகுறிச்சி மற்றும் அஞ்சல், வையம்பட்டி வழி, மணப்பாறை வட்டம், திருச்சி மாவட்டம். 4) வீ. பழனி சணமலை மற்றும் அஞ்சல், வையம்பட்டி வழி, மணப்பாறை வட்டம், திருச்சி மாவட்டம். 5) கு. விஜயகுமார் அமையபுரம், வையம்பட்டி அஞ்சல், மணப்பாறை வட்டம், திருச்சி மாவட்டம்.

வையம்பட்டி வடக்கு ஒன்றியம்

அமைப்பாளர் - எஸ். சண்முகம் மணியாரம்பட்டி பெரிய அணைக்கரைப்பட்டி அஞ்சல், வையம்பட்டி வழி, திருச்சி மாவட்டம்.

துணை அமைப்பாளர்கள் - 1) பி. ஆறுமுகம் அருகம்பாயக்கன்பட்டி, வெள்ளாளப்பட்டி அஞ்சல், மணப்பாறை வட்டம், திருச்சி மாவட்டம். 2) பி. காந்தன் அனுக்காளம்பட்டி, புதுத்தாக்கு அஞ்சல், இளங்காகுறிச்சி வழி, திருச்சி மாவட்டம். 3) எம். சுப்பிரமணி அயையபுரம் மற்றும் அஞ்சல், வையம்பட்டி வழி, திருச்சி மாவட்டம். 4) ஜெ. அன்பரசு ஈச்சம்பட்டி, இனாம் புதுப்பட்டி அஞ்சல், திருச்சி மாவட்டம். 5) எம். ஜெய்சங்கர் கீரனூர் அஞ்சல், திருச்சி மாவட்டம். 6) ச. கிருஷ்ணன் டி.புதுப்பட்டி, பூம்பாடி, சித்தமக்கல் அஞ்சல், மணப்பாறை வழி, திருச்சி மாவட்டம்.

துவாக்குடி நகரம்

அமைப்பாளர் - எஸ். பழநி காளிமுத்து 129/154, மாரியம்மன் கோவில் தெரு, துவாக்குடி அஞ்சல், திருச்சி - 15.

துணை அமைப்பாளர்கள் - 1) எம். குணசேகரன் 8/50சி, நாவல் தெரு, துவாக்குடி மலை, திருச்சி - 15. 2) ஏ. விக்னேஷ் ஆரோக்கிய மாதா கோவில் தெரு, அக்டர் காலை, துவாக்குடி மலை, திருச்சி மாவட்டம். 3) கே. முருகேசன் அம்பேத்கர் தெரு, துவாக்குடி மலை வடக்கு, திருச்சி - 22. 4) எம். முத்துகிருஷ்ணன் பி.எல்.டி.ஏ. அண்ணா நகர், துவாக்குடி, திருச்சி - 15. 5) பி. முத்தமிழ்செல்வன் 14/271,

தொடர்ச்சி 30-ஆம் பக்கம்
